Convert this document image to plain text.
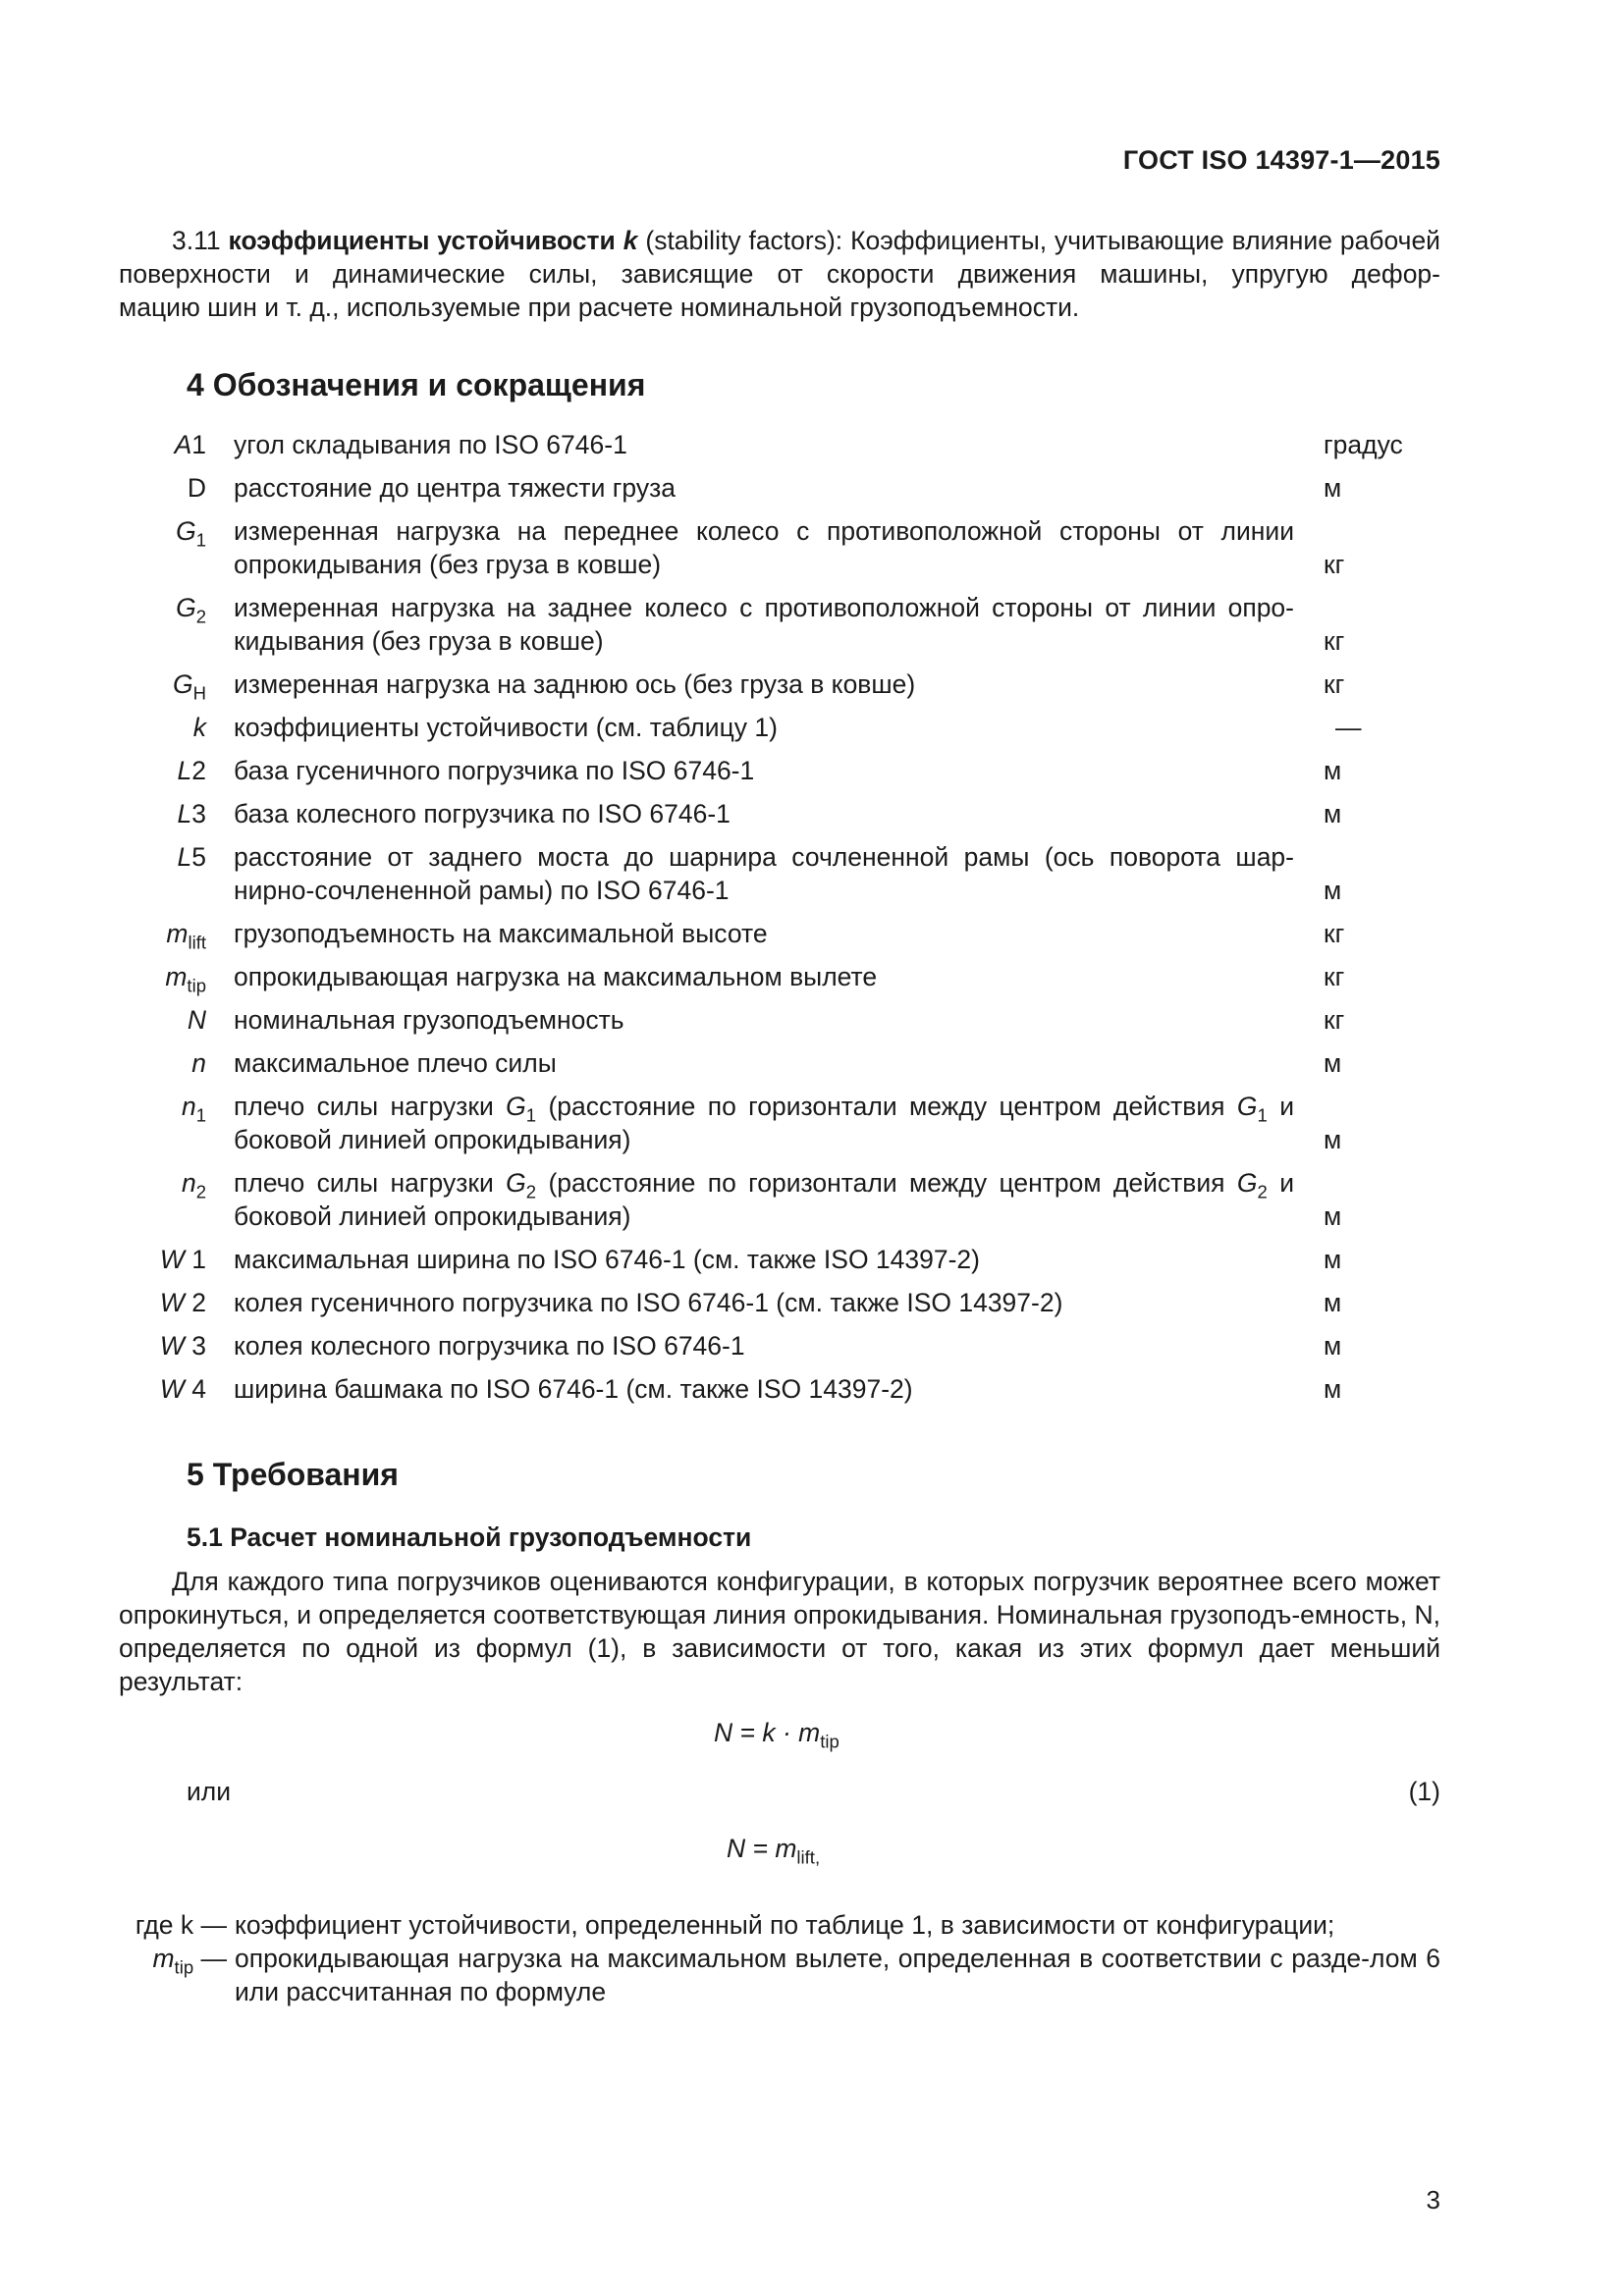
ГОСТ ISO 14397-1—2015
3.11 коэффициенты устойчивости k (stability factors): Коэффициенты, учитывающие влияние рабочей поверхности и динамические силы, зависящие от скорости движения машины, упругую дефор-
мацию шин и т. д., используемые при расчете номинальной грузоподъемности.
4 Обозначения и сокращения
A1	угол складывания по ISO 6746-1	градус
D	расстояние до центра тяжести груза	м
$G_1$	измеренная нагрузка на переднее колесо с противоположной стороны от линии опрокидывания (без груза в ковше)	кг
$G_2$	измеренная нагрузка на заднее колесо с противоположной стороны от линии опро-кидывания (без груза в ковше)	кг
$G_H$	измеренная нагрузка на заднюю ось (без груза в ковше)	кг
k	коэффициенты устойчивости (см. таблицу 1)	—
L2	база гусеничного погрузчика по ISO 6746-1	м
L3	база колесного погрузчика по ISO 6746-1	м
L5	расстояние от заднего моста до шарнира сочлененной рамы (ось поворота шар-нирно-сочлененной рамы) по ISO 6746-1	м
$m_{lift}$	грузоподъемность на максимальной высоте	кг
$m_{tip}$	опрокидывающая нагрузка на максимальном вылете	кг
N	номинальная грузоподъемность	кг
n	максимальное плечо силы	м
$n_1$	плечо силы нагрузки $G_1$ (расстояние по горизонтали между центром действия $G_1$ и боковой линией опрокидывания)	м
$n_2$	плечо силы нагрузки $G_2$ (расстояние по горизонтали между центром действия $G_2$ и боковой линией опрокидывания)	м
W 1	максимальная ширина по ISO 6746-1 (см. также ISO 14397-2)	м
W 2	колея гусеничного погрузчика по ISO 6746-1 (см. также ISO 14397-2)	м
W 3	колея колесного погрузчика по ISO 6746-1	м
W 4	ширина башмака по ISO 6746-1 (см. также ISO 14397-2)	м
5 Требования
5.1 Расчет номинальной грузоподъемности
Для каждого типа погрузчиков оцениваются конфигурации, в которых погрузчик вероятнее всего может опрокинуться, и определяется соответствующая линия опрокидывания. Номинальная грузоподъ-емность, N, определяется по одной из формул (1), в зависимости от того, какая из этих формул дает меньший результат:
$N = k \cdot m_{tip}$
или	(1)
$N = m_{lift,}$
где k —	коэффициент устойчивости, определенный по таблице 1, в зависимости от конфигурации;
$m_{tip}$ —	опрокидывающая нагрузка на максимальном вылете, определенная в соответствии с разде-лом 6 или рассчитанная по формуле
3
